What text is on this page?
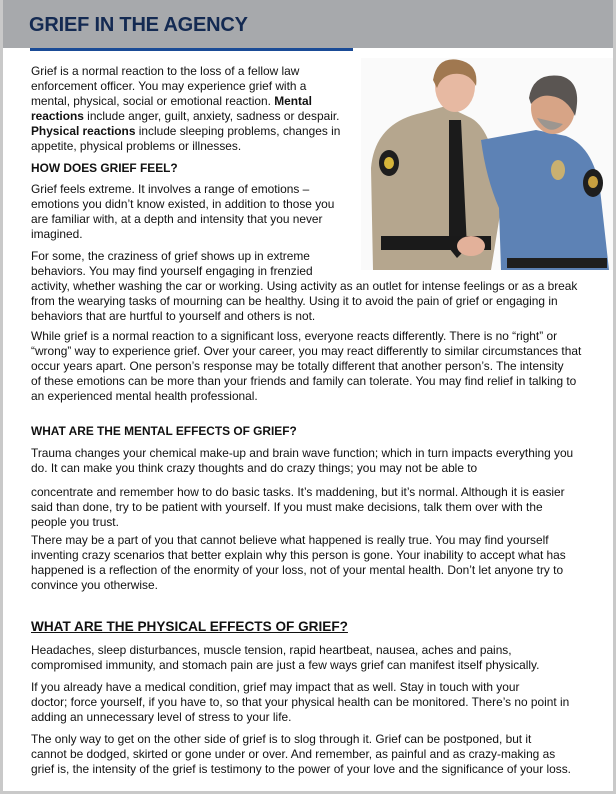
GRIEF IN THE AGENCY
Grief is a normal reaction to the loss of a fellow law
enforcement officer. You may experience grief with a
mental, physical, social or emotional reaction. Mental
reactions include anger, guilt, anxiety, sadness or despair.
Physical reactions include sleeping problems, changes in
appetite, physical problems or illnesses.
HOW DOES GRIEF FEEL?
Grief feels extreme. It involves a range of emotions –
emotions you didn’t know existed, in addition to those you
are familiar with, at a depth and intensity that you never
imagined.
For some, the craziness of grief shows up in extreme
behaviors. You may find yourself engaging in frenzied
activity, whether washing the car or working. Using activity as an outlet for intense feelings or as a break
from the wearying tasks of mourning can be healthy. Using it to avoid the pain of grief or engaging in
behaviors that are hurtful to yourself and others is not.
While grief is a normal reaction to a significant loss, everyone reacts differently. There is no “right” or
“wrong” way to experience grief. Over your career, you may react differently to similar circumstances that
occur years apart. One person’s response may be totally different that another person’s. The intensity
of these emotions can be more than your friends and family can tolerate. You may find relief in talking to
an experienced mental health professional.
WHAT ARE THE MENTAL EFFECTS OF GRIEF?
Trauma changes your chemical make-up and brain wave function; which in turn impacts everything you
do. It can make you think crazy thoughts and do crazy things; you may not be able to
concentrate and remember how to do basic tasks. It’s maddening, but it’s normal. Although it is easier
said than done, try to be patient with yourself. If you must make decisions, talk them over with the
people you trust.
There may be a part of you that cannot believe what happened is really true. You may find yourself
inventing crazy scenarios that better explain why this person is gone. Your inability to accept what has
happened is a reflection of the enormity of your loss, not of your mental health. Don’t let anyone try to
convince you otherwise.
WHAT ARE THE PHYSICAL EFFECTS OF GRIEF?
Headaches, sleep disturbances, muscle tension, rapid heartbeat, nausea, aches and pains,
compromised immunity, and stomach pain are just a few ways grief can manifest itself physically.
If you already have a medical condition, grief may impact that as well. Stay in touch with your
doctor; force yourself, if you have to, so that your physical health can be monitored. There’s no point in
adding an unnecessary level of stress to your life.
The only way to get on the other side of grief is to slog through it. Grief can be postponed, but it
cannot be dodged, skirted or gone under or over. And remember, as painful and as crazy-making as
grief is, the intensity of the grief is testimony to the power of your love and the significance of your loss.
